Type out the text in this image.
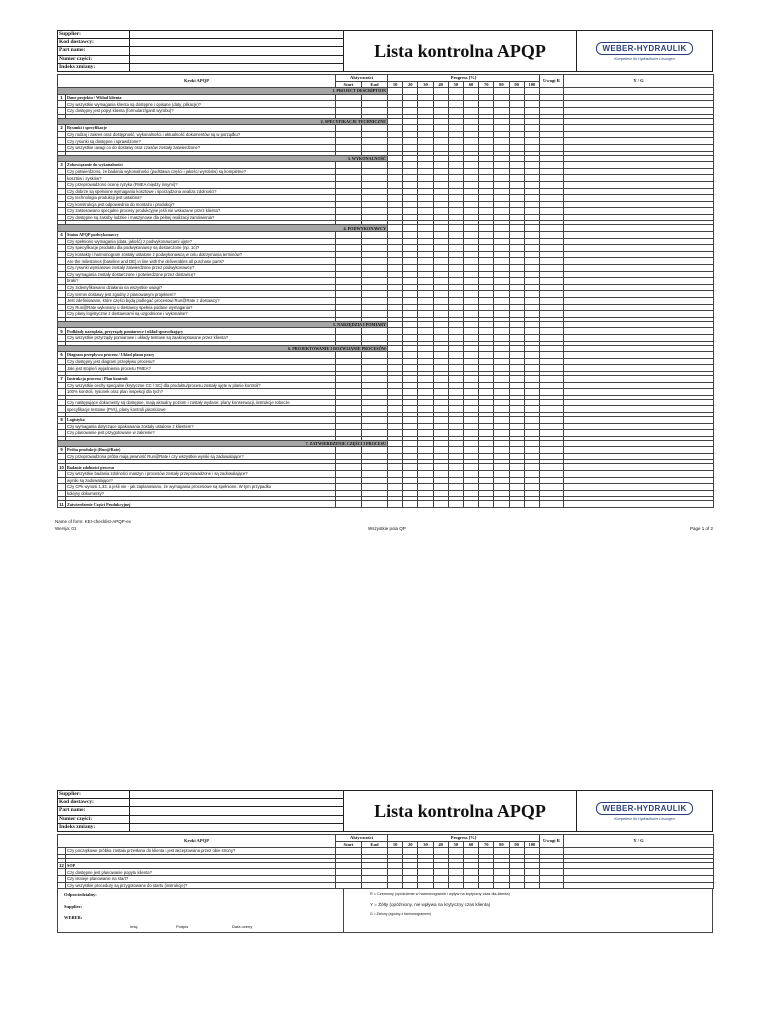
Supplier:
Kod dostawcy:
Part name:
Numer części:
Indeks zmiany:
Lista kontrolna APQP	WEBER-HYDRAULIK
Kompetenz für Hydraulische Lösungen
Kroki APQP		Aktywności		Progress [%]										Uwagi R	Y / G
		Start	End	10	20	30	40	50	60	70	80	90	100		
1. PROJECT DESCRIPTION															
1	Dane projektu / Wkład klienta														
	Czy wszystkie wymagania klienta są dostępne i opisane (daty, plikacje)?														
	Czy dostępny jest popyt klienta (formularz/gantt wyrobu)?														

2. SPECYFIKACJE TECHNICZNE															
2	Rysunki i specyfikacje														
	Czy rodzaj i zakres oraz dostępność, wykonalności i aktualność dokumentów są w porządku?														
	Czy rysunki są dostępne i sprawdzone?														
	Czy wszystkie uwagi co do dostawy oraz czasów zostały zatwierdzone?														

3. WYKONALNOŚĆ															
3	Zobowiązanie do wykonalności														
	Czy potwierdzono, że badania wykonalności (podstawa części i jakości wyrobów) są kompletne?														
	kosztów i zysków?														
	Czy przeprowadzono ocenę ryzyka (FMEA między innymi)?														
	Czy dobrze są spełnione wymagania kosztowe i sporządzona analiza zdolności?														
	Czy technologia produkcji jest ustalona?														
	Czy konstrukcja jest odpowiednia do montażu i produkcji?														
	Czy zastosowano specjalne procesy produkcyjne jeśli nie wskazane przez klienta?														
	Czy dostępne są zasoby ludzkie i maszynowe dla pełnej realizacji zamówienia?														

4. PODWYKONAWCY															
4	Status APQP podwykonawcy														
	Czy spełniono wymagania (data, jakość) z podwykonawcami ujęte?														
	Czy specyfikacje produktu dla podwykonawcy są dostarczone (np. 1c)?														
	Czy kontakty i harmonogram zostały ustalone z podwykonawcą w celu dotrzymania terminów?														
	Are the milestones (baseline and DE) in line with the deliverables all purchase parts?														
	Czy rysunki wymiarowe zostały zatwierdzone przez podwykonawcę?														
	Czy wymagania zostały dostarczone i potwierdzone przez dostawcę?														
	braki?														
	Czy zidentyfikowano działania na wszystkie uwagi?														
	Czy termin dostawy jest zgodny z planowanym projektem?														
	Jest zdefiniowane, które części będą podlegać procesowi Run@Rate z dostawcy?														
	Czy Run@Rate wykonany u dostawcy spełnia podane wymagania?														
	Czy plany logistyczne z dostawcami są uzgodnione i wykonalne?														

5. NARZĘDZIA I POMIARY															
5	Podkłady narzędzia, przyrządy pomiarowe i układ sprawdzający														
	Czy wszystkie przyrządy pomiarowe i układy testowe są zaakceptowane przez klienta?														

6. PROJEKTOWANIE I ROZWIJANIE PROCESÓW															
6	Diagram przepływu procesu / Układ planu pracy														
	Czy dostępny jest diagram przepływu procesu?														
	Jaki jest stopień wyjaśnienia procesu FMEA?														

7	Instrukcja procesu / Plan kontroli														
	Czy wszystkie cechy specjalne (krytyczne CC / SC) dla produktu/procesu zostały ujęte w planie kontroli?														
	100% kontroli, rysunek oraz plan inspekcji dla tych?														

	Czy następujące dokumenty są dostępne, mają aktualny poziom i zostały wydane: plany konserwacji, instrukcje robocze														
	specyfikacje testowe (PVs), plany kontroli jakościowe														

8	Logistyka														
	Czy wymagania dotyczące opakowania zostały ustalone z klientem?														
	Czy planowanie jest przygotowane w zakresie?														

7. ZATWIERDZENIE CZĘŚCI I PROCESU															
9	Próba produkcji (Run@Rate)														
	Czy przeprowadzona próba mają pewność Run@Rate i czy wszystkie wyniki są zadowalające?														

10	Badanie zdolności procesu														
	Czy wszystkie badania zdolności maszyn i procesów zostały przeprowadzone i są zadowalające?														
	wyniki są zadowalające?														
	Czy CPk wynosi 1,33, a jeśli nie - jak zaplanowano, że wymagania procesowe są spełnione. W tym przypadku														
	kolejny dokumenty?														

11	Zatwierdzenie Części Produkcyjnej														
Name of form: KEI-checklist-APQP-ex
Wersja: 01	Wszystkie pola QP	Page 1 of 2
Supplier:
Kod dostawcy:
Part name:
Numer części:
Indeks zmiany:
Lista kontrolna APQP	WEBER-HYDRAULIK
Kompetenz für Hydraulische Lösungen
Kroki APQP		Aktywności		Progress [%]										Uwagi R	Y / G
		Start	End	10	20	30	40	50	60	70	80	90	100		
	Czy początkowe próbka została przesłana do klienta i jest akceptowana przez obie strony?														

12	SOP														
	Czy dostępne jest planowanie popytu klienta?														
	Czy istnieje planowanie na start?														
	Czy wszystkie procedury są przygotowane do startu (instrukcje)?														
Odpowiedzialny:
Supplier:
WEBER:
Imię	Podpis	Data oceny
R = Czerwony (opóźnienie w harmonogramie i wpływ na krytyczny czas dla klienta)
Y = Żółty (opóźniony, nie wpływa na krytyczny czas klienta)
G = Zielony (zgodny z harmonogramem)
